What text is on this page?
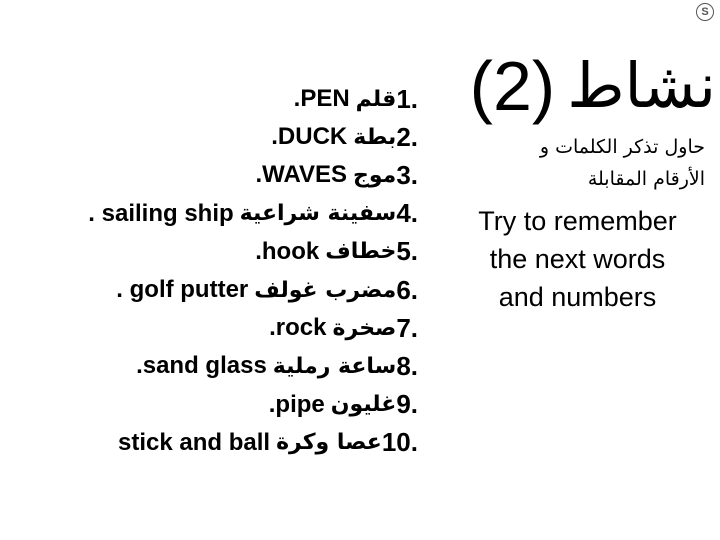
S
(2) نشاط
حاول تذكر الكلمات و
الأرقام المقابلة
Try to remember
the next words
and numbers
.PEN قلم 1.
.DUCK بطة 2.
.WAVES موج 3.
. sailing ship سفينة شراعية 4.
.hook خطاف 5.
. golf putter مضرب غولف 6.
.rock صخرة 7.
.sand glass ساعة رملية 8.
.pipe غليون 9.
stick and ball عصا وكرة 10.
